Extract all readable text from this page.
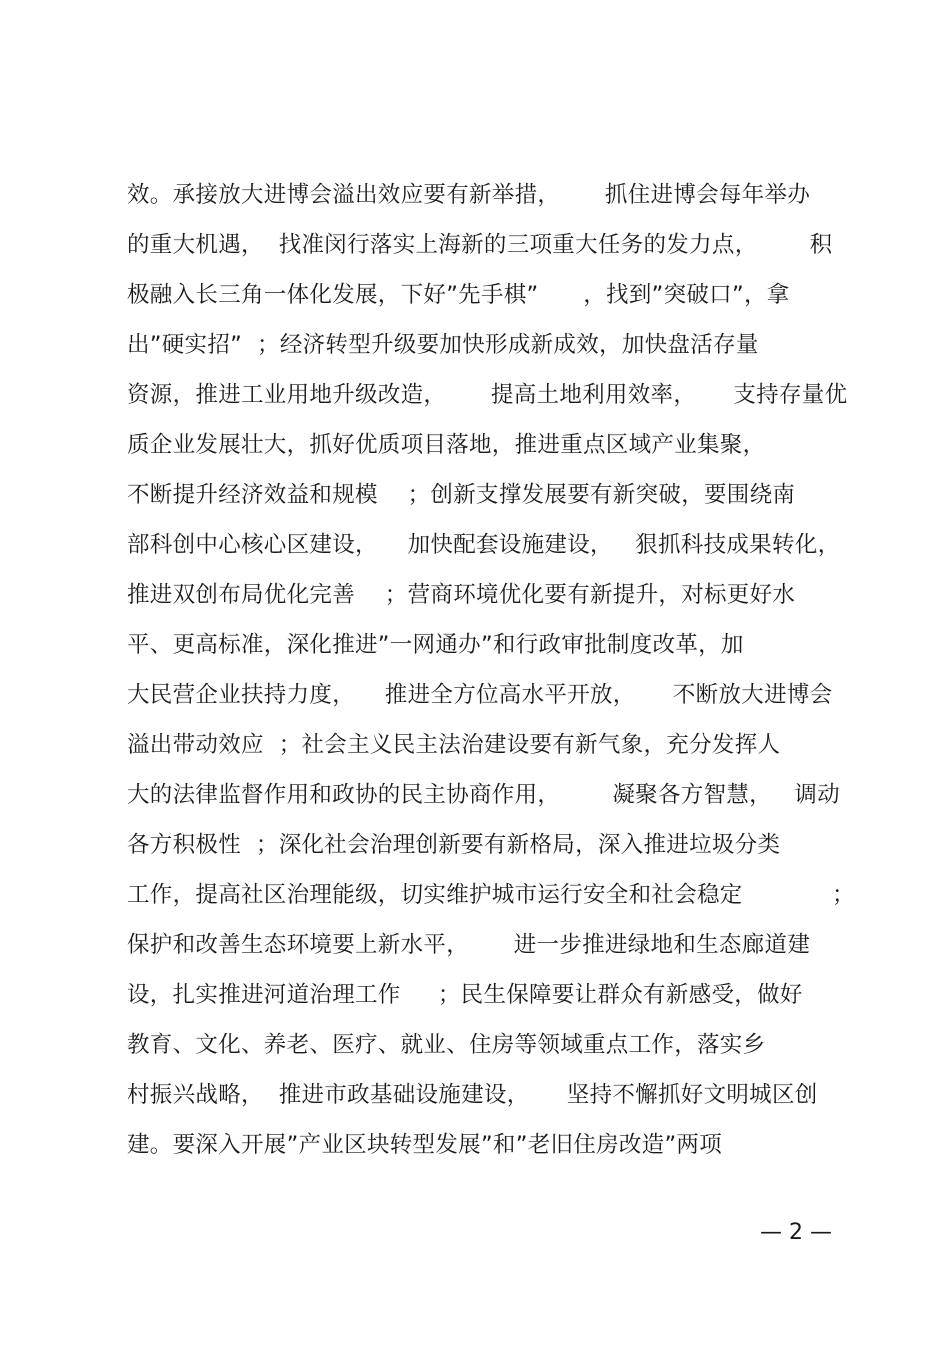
效。承接放大进博会溢出效应要有新举措，      抓住进博会每年举办
的重大机遇，  找准闵行落实上海新的三项重大任务的发力点，       积
极融入长三角一体化发展，下好”先手棋”      ，找到”突破口”，拿
出”硬实招”  ；经济转型升级要加快形成新成效，加快盘活存量
资源，推进工业用地升级改造，      提高土地利用效率，     支持存量优
质企业发展壮大，抓好优质项目落地，推进重点区域产业集聚，
不断提升经济效益和规模    ；创新支撑发展要有新突破，要围绕南
部科创中心核心区建设，    加快配套设施建设，   狠抓科技成果转化，
推进双创布局优化完善    ；营商环境优化要有新提升，对标更好水
平、更高标准，深化推进”一网通办”和行政审批制度改革，加
大民营企业扶持力度，    推进全方位高水平开放，     不断放大进博会
溢出带动效应  ；社会主义民主法治建设要有新气象，充分发挥人
大的法律监督作用和政协的民主协商作用，       凝聚各方智慧，   调动
各方积极性  ；深化社会治理创新要有新格局，深入推进垃圾分类
工作，提高社区治理能级，切实维护城市运行安全和社会稳定            ；
保护和改善生态环境要上新水平，      进一步推进绿地和生态廊道建
设，扎实推进河道治理工作     ；民生保障要让群众有新感受，做好
教育、文化、养老、医疗、就业、住房等领域重点工作，落实乡
村振兴战略，  推进市政基础设施建设，     坚持不懈抓好文明城区创
建。要深入开展”产业区块转型发展”和”老旧住房改造”两项
— 2 —
